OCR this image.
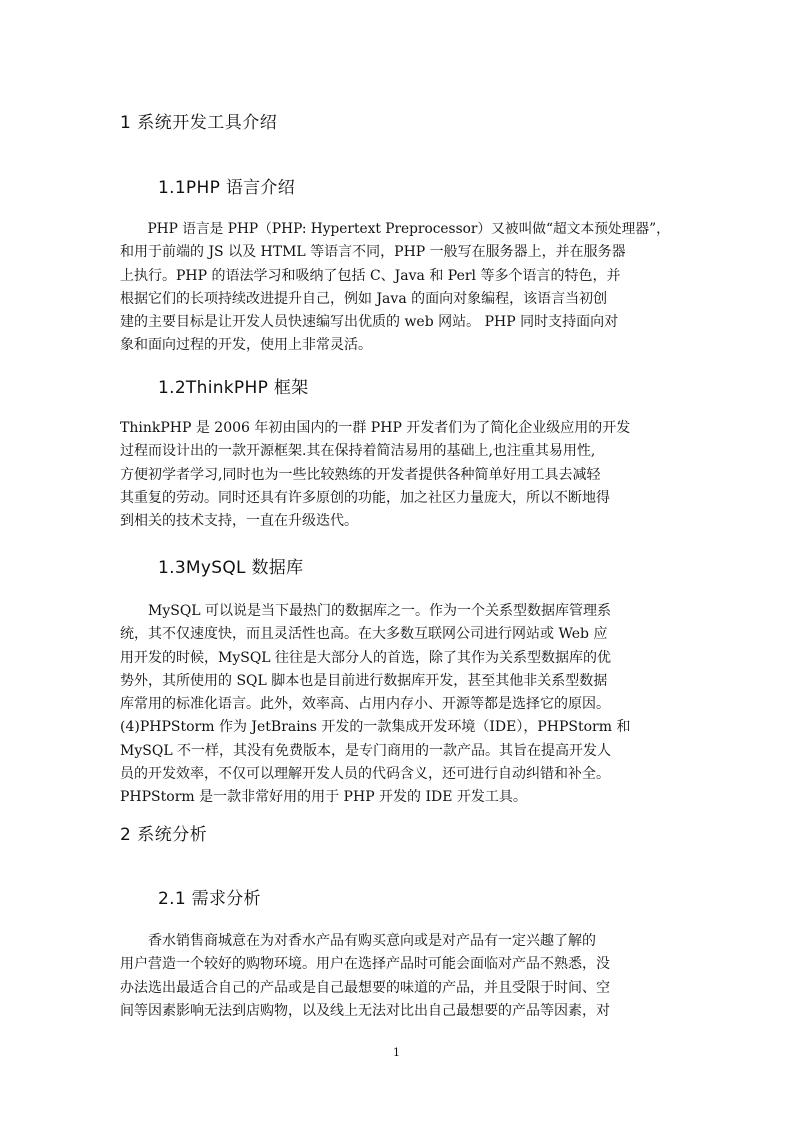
1 系统开发工具介绍
1.1PHP 语言介绍
　　PHP 语言是 PHP（PHP: Hypertext Preprocessor）又被叫做“超文本预处理器”，
和用于前端的 JS 以及 HTML 等语言不同，PHP 一般写在服务器上，并在服务器
上执行。PHP 的语法学习和吸纳了包括 C、Java 和 Perl 等多个语言的特色，并
根据它们的长项持续改进提升自己，例如 Java 的面向对象编程，该语言当初创
建的主要目标是让开发人员快速编写出优质的 web 网站。 PHP 同时支持面向对
象和面向过程的开发，使用上非常灵活。
1.2ThinkPHP 框架
ThinkPHP 是 2006 年初由国内的一群 PHP 开发者们为了简化企业级应用的开发
过程而设计出的一款开源框架.其在保持着简洁易用的基础上,也注重其易用性,
方便初学者学习,同时也为一些比较熟练的开发者提供各种简单好用工具去减轻
其重复的劳动。同时还具有许多原创的功能，加之社区力量庞大，所以不断地得
到相关的技术支持，一直在升级迭代。
1.3MySQL 数据库
　　MySQL 可以说是当下最热门的数据库之一。作为一个关系型数据库管理系
统，其不仅速度快，而且灵活性也高。在大多数互联网公司进行网站或 Web 应
用开发的时候，MySQL 往往是大部分人的首选，除了其作为关系型数据库的优
势外，其所使用的 SQL 脚本也是目前进行数据库开发，甚至其他非关系型数据
库常用的标准化语言。此外，效率高、占用内存小、开源等都是选择它的原因。
(4)PHPStorm 作为 JetBrains 开发的一款集成开发环境（IDE），PHPStorm 和
MySQL 不一样，其没有免费版本，是专门商用的一款产品。其旨在提高开发人
员的开发效率，不仅可以理解开发人员的代码含义，还可进行自动纠错和补全。
PHPStorm 是一款非常好用的用于 PHP 开发的 IDE 开发工具。
2 系统分析
2.1 需求分析
　　香水销售商城意在为对香水产品有购买意向或是对产品有一定兴趣了解的
用户营造一个较好的购物环境。用户在选择产品时可能会面临对产品不熟悉，没
办法选出最适合自己的产品或是自己最想要的味道的产品，并且受限于时间、空
间等因素影响无法到店购物，以及线上无法对比出自己最想要的产品等因素，对
1
